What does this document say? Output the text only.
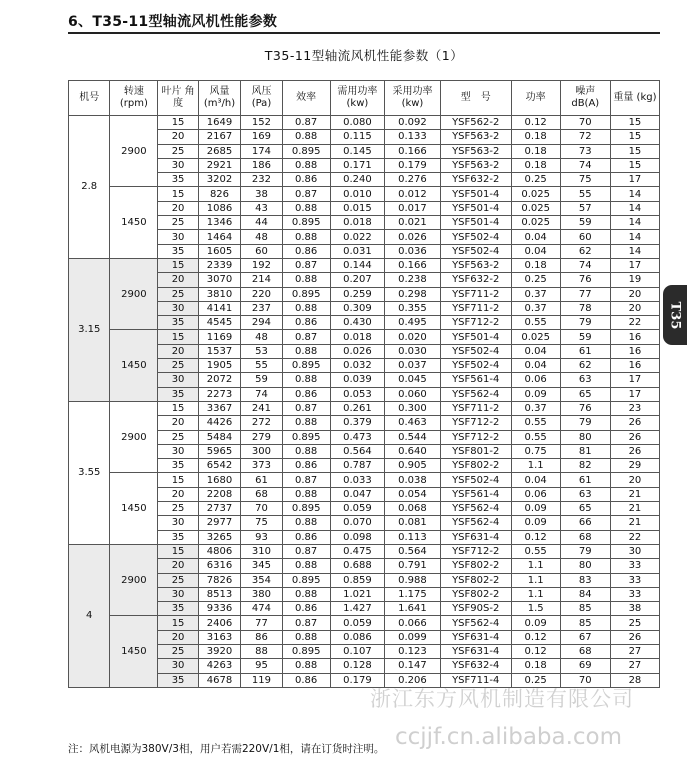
6、T35-11型轴流风机性能参数
T35-11型轴流风机性能参数（1）
机号	转速 (rpm)	叶片 角度	风量 (m³/h)	风压 (Pa)	效率	需用功率 (kw)	采用功率 (kw)	型　号	功率	噪声 dB(A)	重量 (kg)
2.8	2900	15	1649	152	0.87	0.080	0.092	YSF562-2	0.12	70	15
		20	2167	169	0.88	0.115	0.133	YSF563-2	0.18	72	15
		25	2685	174	0.895	0.145	0.166	YSF563-2	0.18	73	15
		30	2921	186	0.88	0.171	0.179	YSF563-2	0.18	74	15
		35	3202	232	0.86	0.240	0.276	YSF632-2	0.25	75	17
	1450	15	826	38	0.87	0.010	0.012	YSF501-4	0.025	55	14
		20	1086	43	0.88	0.015	0.017	YSF501-4	0.025	57	14
		25	1346	44	0.895	0.018	0.021	YSF501-4	0.025	59	14
		30	1464	48	0.88	0.022	0.026	YSF502-4	0.04	60	14
		35	1605	60	0.86	0.031	0.036	YSF502-4	0.04	62	14
3.15	2900	15	2339	192	0.87	0.144	0.166	YSF563-2	0.18	74	17
		20	3070	214	0.88	0.207	0.238	YSF632-2	0.25	76	19
		25	3810	220	0.895	0.259	0.298	YSF711-2	0.37	77	20
		30	4141	237	0.88	0.309	0.355	YSF711-2	0.37	78	20
		35	4545	294	0.86	0.430	0.495	YSF712-2	0.55	79	22
	1450	15	1169	48	0.87	0.018	0.020	YSF501-4	0.025	59	16
		20	1537	53	0.88	0.026	0.030	YSF502-4	0.04	61	16
		25	1905	55	0.895	0.032	0.037	YSF502-4	0.04	62	16
		30	2072	59	0.88	0.039	0.045	YSF561-4	0.06	63	17
		35	2273	74	0.86	0.053	0.060	YSF562-4	0.09	65	17
3.55	2900	15	3367	241	0.87	0.261	0.300	YSF711-2	0.37	76	23
		20	4426	272	0.88	0.379	0.463	YSF712-2	0.55	79	26
		25	5484	279	0.895	0.473	0.544	YSF712-2	0.55	80	26
		30	5965	300	0.88	0.564	0.640	YSF801-2	0.75	81	26
		35	6542	373	0.86	0.787	0.905	YSF802-2	1.1	82	29
	1450	15	1680	61	0.87	0.033	0.038	YSF502-4	0.04	61	20
		20	2208	68	0.88	0.047	0.054	YSF561-4	0.06	63	21
		25	2737	70	0.895	0.059	0.068	YSF562-4	0.09	65	21
		30	2977	75	0.88	0.070	0.081	YSF562-4	0.09	66	21
		35	3265	93	0.86	0.098	0.113	YSF631-4	0.12	68	22
4	2900	15	4806	310	0.87	0.475	0.564	YSF712-2	0.55	79	30
		20	6316	345	0.88	0.688	0.791	YSF802-2	1.1	80	33
		25	7826	354	0.895	0.859	0.988	YSF802-2	1.1	83	33
		30	8513	380	0.88	1.021	1.175	YSF802-2	1.1	84	33
		35	9336	474	0.86	1.427	1.641	YSF90S-2	1.5	85	38
	1450	15	2406	77	0.87	0.059	0.066	YSF562-4	0.09	85	25
		20	3163	86	0.88	0.086	0.099	YSF631-4	0.12	67	26
		25	3920	88	0.895	0.107	0.123	YSF631-4	0.12	68	27
		30	4263	95	0.88	0.128	0.147	YSF632-4	0.18	69	27
		35	4678	119	0.86	0.179	0.206	YSF711-4	0.25	70	28
T35
浙江东方风机制造有限公司
ccjjf.cn.alibaba.com
注：风机电源为380V/3相，用户若需220V/1相，请在订货时注明。
